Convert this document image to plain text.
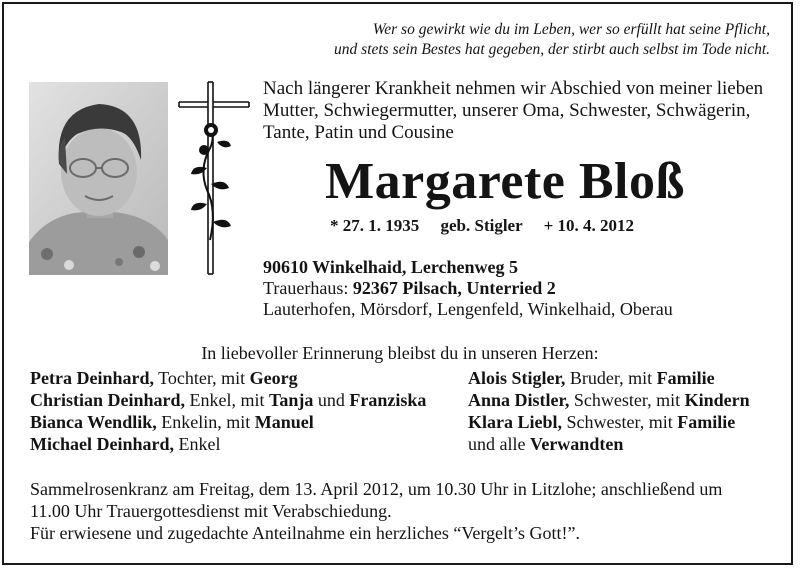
Wer so gewirkt wie du im Leben, wer so erfüllt hat seine Pflicht,
und stets sein Bestes hat gegeben, der stirbt auch selbst im Tode nicht.
Nach längerer Krankheit nehmen wir Abschied von meiner lieben
Mutter, Schwiegermutter, unserer Oma, Schwester, Schwägerin,
Tante, Patin und Cousine
Margarete Bloß
* 27. 1. 1935 geb. Stigler + 10. 4. 2012
90610 Winkelhaid, Lerchenweg 5
Trauerhaus: 92367 Pilsach, Unterried 2
Lauterhofen, Mörsdorf, Lengenfeld, Winkelhaid, Oberau
In liebevoller Erinnerung bleibst du in unseren Herzen:
Petra Deinhard, Tochter, mit Georg
Christian Deinhard, Enkel, mit Tanja und Franziska
Bianca Wendlik, Enkelin, mit Manuel
Michael Deinhard, Enkel
Alois Stigler, Bruder, mit Familie
Anna Distler, Schwester, mit Kindern
Klara Liebl, Schwester, mit Familie
und alle Verwandten
Sammelrosenkranz am Freitag, dem 13. April 2012, um 10.30 Uhr in Litzlohe; anschließend um
11.00 Uhr Trauergottesdienst mit Verabschiedung.
Für erwiesene und zugedachte Anteilnahme ein herzliches “Vergelt’s Gott!”.
